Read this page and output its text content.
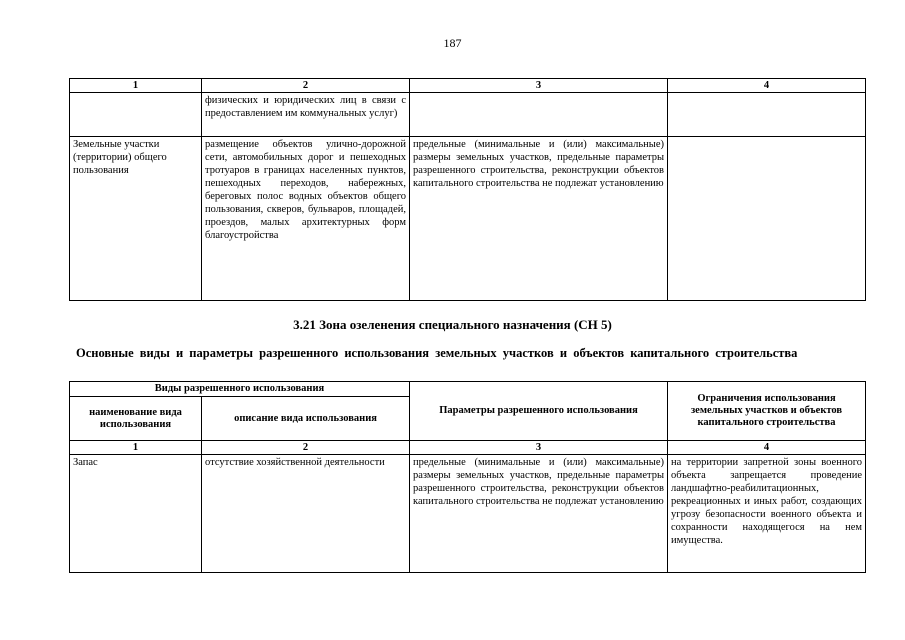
187
1	2	3	4
	физических и юридических лиц в связи с предоставлением им коммунальных услуг)		
Земельные участки (территории) общего пользования	размещение объектов улично-дорожной сети, автомобильных дорог и пешеходных тротуаров в границах населенных пунктов, пешеходных переходов, набережных, береговых полос водных объектов общего пользования, скверов, бульваров, площадей, проездов, малых архитектурных форм благоустройства	предельные (минимальные и (или) максимальные) размеры земельных участков, предельные параметры разрешенного строительства, реконструкции объектов капитального строительства не подлежат установлению	
3.21 Зона озеленения специального назначения (СН 5)
Основные виды и параметры разрешенного использования земельных участков и объектов капитального строительства
Виды разрешенного использования		Параметры разрешенного использования	Ограничения использования земельных участков и объектов капитального строительства
наименование вида использования	описание вида использования		
1	2	3	4
Запас	отсутствие хозяйственной деятельности	предельные (минимальные и (или) максимальные) размеры земельных участков, предельные параметры разрешенного строительства, реконструкции объектов капитального строительства не подлежат установлению	на территории запретной зоны военного объекта запрещается проведение ландшафтно-реабилитационных, рекреационных и иных работ, создающих угрозу безопасности военного объекта и сохранности находящегося на нем имущества.
